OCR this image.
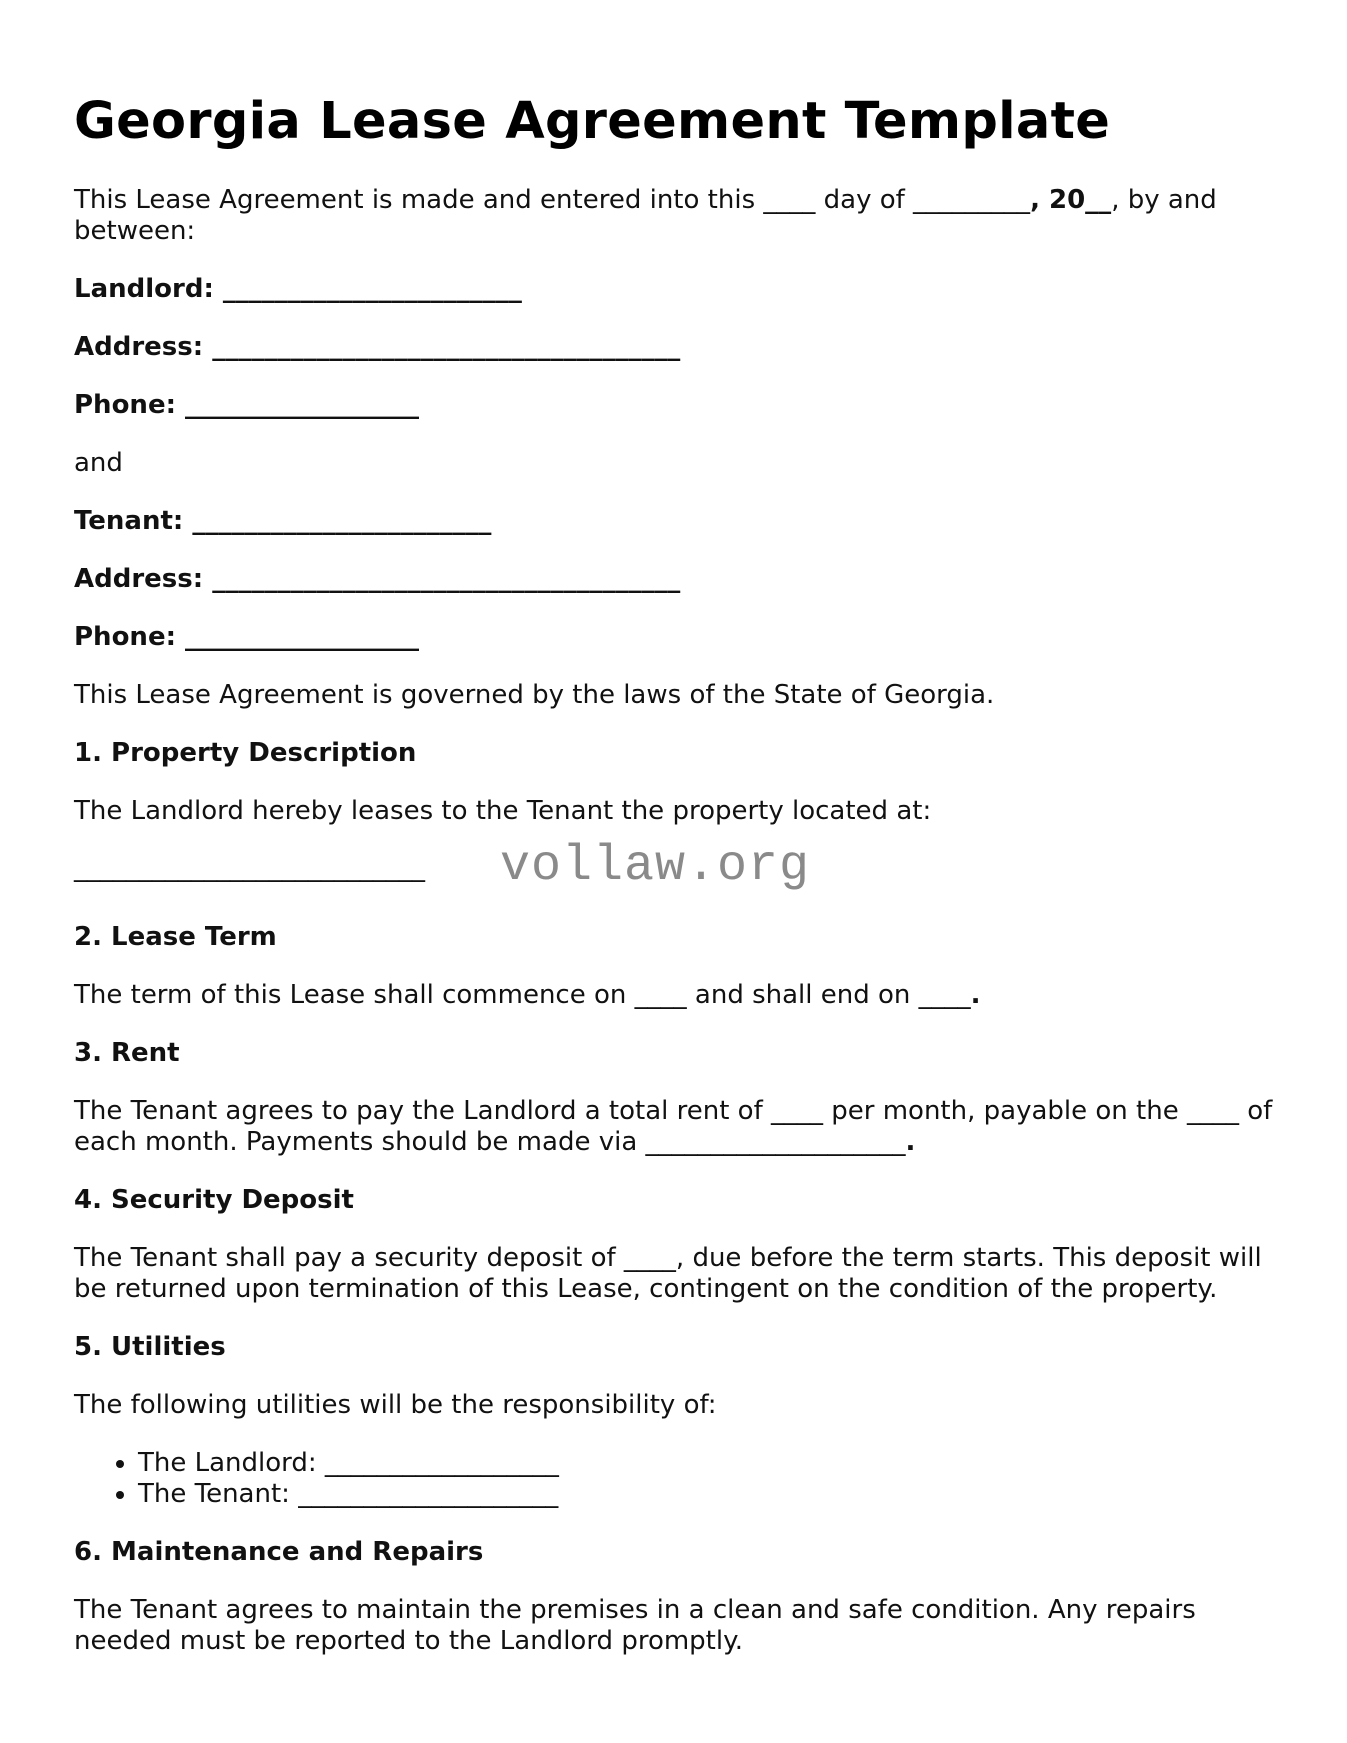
Georgia Lease Agreement Template

This Lease Agreement is made and entered into this ____ day of _________, 20__, by and between:

Landlord: _______________________

Address: ____________________________________

Phone: __________________

and

Tenant: _______________________

Address: ____________________________________

Phone: __________________

This Lease Agreement is governed by the laws of the State of Georgia.

1. Property Description

The Landlord hereby leases to the Tenant the property located at:

___________________________ vollaw.org
2. Lease Term

The term of this Lease shall commence on ____ and shall end on ____.

3. Rent

The Tenant agrees to pay the Landlord a total rent of ____ per month, payable on the ____ of each month. Payments should be made via ____________________.

4. Security Deposit

The Tenant shall pay a security deposit of ____, due before the term starts. This deposit will be returned upon termination of this Lease, contingent on the condition of the property.

5. Utilities

The following utilities will be the responsibility of:

• The Landlord: __________________
• The Tenant: ____________________
6. Maintenance and Repairs

The Tenant agrees to maintain the premises in a clean and safe condition. Any repairs needed must be reported to the Landlord promptly.
